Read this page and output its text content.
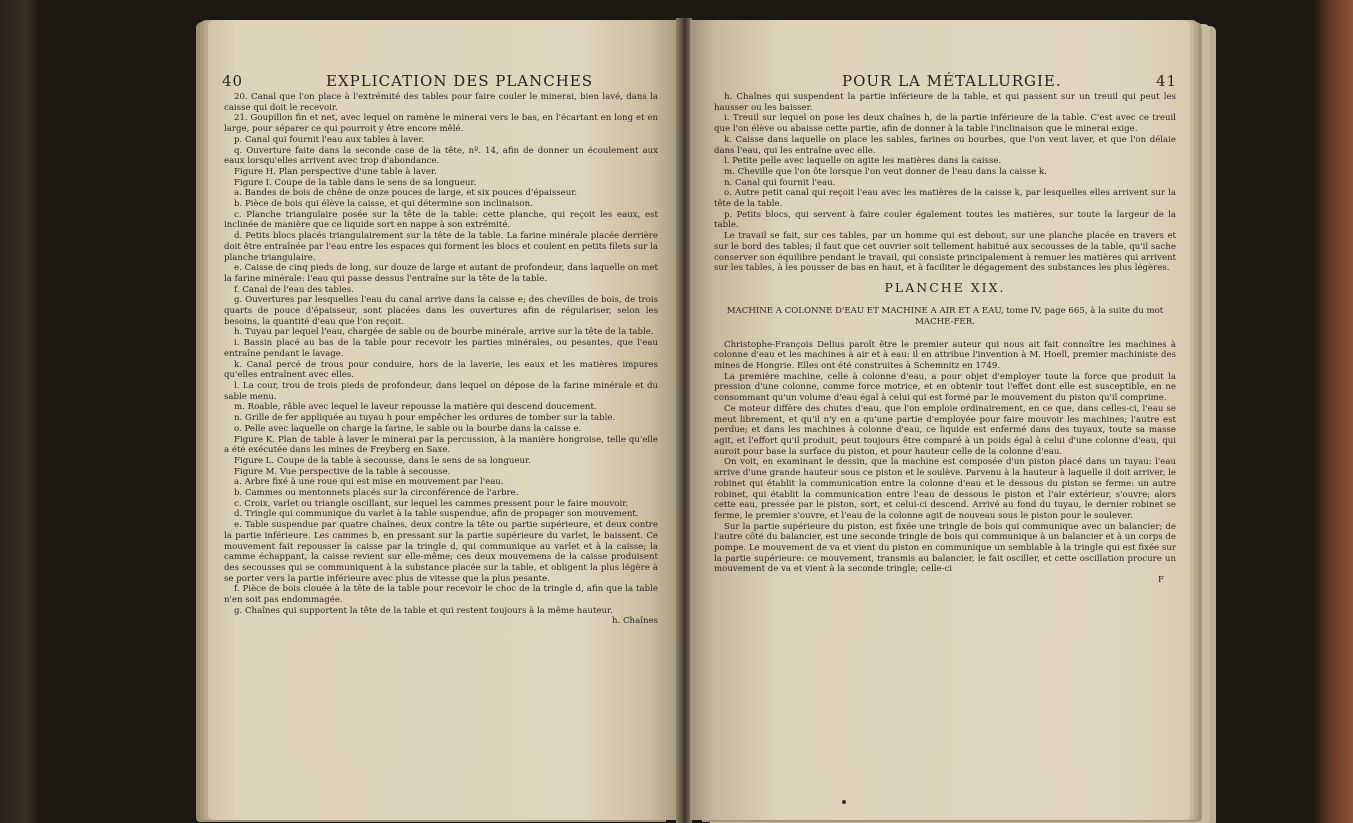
40	EXPLICATION DES PLANCHES

20. Canal que l'on place à l'extrémité des tables pour faire couler le minerai, bien lavé, dans la caisse qui doit le recevoir.

21. Goupillon fin et net, avec lequel on ramène le minerai vers le bas, en l'écartant en long et en large, pour séparer ce qui pourroit y être encore mêlé.

p. Canal qui fournit l'eau aux tables à laver.

q. Ouverture faite dans la seconde case de la tête, nº. 14, afin de donner un écoulement aux eaux lorsqu'elles arrivent avec trop d'abondance.

Figure H. Plan perspective d'une table à laver.

Figure I. Coupe de la table dans le sens de sa longueur.

a. Bandes de bois de chêne de onze pouces de large, et six pouces d'épaisseur.

b. Pièce de bois qui élève la caisse, et qui détermine son inclinaison.

c. Planche triangulaire posée sur la tête de la table: cette planche, qui reçoit les eaux, est inclinée de manière que ce liquide sort en nappe à son extrémité.

d. Petits blocs placés triangulairement sur la tête de la table. La farine minérale placée derrière doit être entraînée par l'eau entre les espaces qui forment les blocs et coulent en petits filets sur la planche triangulaire.

e. Caisse de cinq pieds de long, sur douze de large et autant de profondeur, dans laquelle on met la farine minérale: l'eau qui passe dessus l'entraîne sur la tête de la table.

f. Canal de l'eau des tables.

g. Ouvertures par lesquelles l'eau du canal arrive dans la caisse e; des chevilles de bois, de trois quarts de pouce d'épaisseur, sont placées dans les ouvertures afin de régulariser, selon les besoins, la quantité d'eau que l'on reçoit.

h. Tuyau par lequel l'eau, chargée de sable ou de bourbe minérale, arrive sur la tête de la table.

i. Bassin placé au bas de la table pour recevoir les parties minérales, ou pesantes, que l'eau entraîne pendant le lavage.

k. Canal percé de trous pour conduire, hors de la laverie, les eaux et les matières impures qu'elles entraînent avec elles.

l. La cour, trou de trois pieds de profondeur, dans lequel on dépose de la farine minérale et du sable menu.

m. Roable, râble avec lequel le laveur repousse la matière qui descend doucement.

n. Grille de fer appliquée au tuyau h pour empêcher les ordures de tomber sur la table.

o. Pelle avec laquelle on charge la farine, le sable ou la bourbe dans la caisse e.

Figure K. Plan de table à laver le minerai par la percussion, à la manière hongroise, telle qu'elle a été exécutée dans les mines de Freyberg en Saxe.

Figure L. Coupe de la table à secousse, dans le sens de sa longueur.

Figure M. Vue perspective de la table à secousse.

a. Arbre fixé à une roue qui est mise en mouvement par l'eau.

b. Cammes ou mentonnets placés sur la circonférence de l'arbre.

c. Croix, varlet ou triangle oscillant, sur lequel les cammes pressent pour le faire mouvoir.

d. Tringle qui communique du varlet à la table suspendue, afin de propager son mouvement.

e. Table suspendue par quatre chaînes, deux contre la tête ou partie supérieure, et deux contre la partie inférieure. Les cammes b, en pressant sur la partie supérieure du varlet, le baissent. Ce mouvement fait repousser la caisse par la tringle d, qui communique au varlet et à la caisse; la camme échappant, la caisse revient sur elle-même; ces deux mouvemens de la caisse produisent des secousses qui se communiquent à la substance placée sur la table, et obligent la plus légère à se porter vers la partie inférieure avec plus de vitesse que la plus pesante.

f. Pièce de bois clouée à la tête de la table pour recevoir le choc de la tringle d, afin que la table n'en soit pas endommagée.

g. Chaînes qui supportent la tête de la table et qui restent toujours à la même hauteur.

h. Chaînes

POUR LA MÉTALLURGIE.	41

h. Chaînes qui suspendent la partie inférieure de la table, et qui passent sur un treuil qui peut les hausser ou les baisser.

i. Treuil sur lequel on pose les deux chaînes h, de la partie inférieure de la table. C'est avec ce treuil que l'on élève ou abaisse cette partie, afin de donner à la table l'inclinaison que le minerai exige.

k. Caisse dans laquelle on place les sables, farines ou bourbes, que l'on veut laver, et que l'on délaie dans l'eau, qui les entraîne avec elle.

l. Petite pelle avec laquelle on agite les matières dans la caisse.

m. Cheville que l'on ôte lorsque l'on veut donner de l'eau dans la caisse k.

n. Canal qui fournit l'eau.

o. Autre petit canal qui reçoit l'eau avec les matières de la caisse k, par lesquelles elles arrivent sur la tête de la table.

p. Petits blocs, qui servent à faire couler également toutes les matières, sur toute la largeur de la table.

Le travail se fait, sur ces tables, par un homme qui est debout, sur une planche placée en travers et sur le bord des tables; il faut que cet ouvrier soit tellement habitué aux secousses de la table, qu'il sache conserver son équilibre pendant le travail, qui consiste principalement à remuer les matières qui arrivent sur les tables, à les pousser de bas en haut, et à faciliter le dégagement des substances les plus légères.

PLANCHE XIX.
MACHINE A COLONNE D'EAU ET MACHINE A AIR ET A EAU, tome IV, page 665, à la suite du mot MACHE-FER.

Christophe-François Delius paroît être le premier auteur qui nous ait fait connoître les machines à colonne d'eau et les machines à air et à eau: il en attribue l'invention à M. Hoell, premier machiniste des mines de Hongrie. Elles ont été construites à Schemnitz en 1749.

La première machine, celle à colonne d'eau, a pour objet d'employer toute la force que produit la pression d'une colonne, comme force motrice, et en obtenir tout l'effet dont elle est susceptible, en ne consommant qu'un volume d'eau égal à celui qui est formé par le mouvement du piston qu'il comprime.

Ce moteur diffère des chutes d'eau, que l'on emploie ordinairement, en ce que, dans celles-ci, l'eau se meut librement, et qu'il n'y en a qu'une partie d'employée pour faire mouvoir les machines; l'autre est perdue; et dans les machines à colonne d'eau, ce liquide est enfermé dans des tuyaux, toute sa masse agit, et l'effort qu'il produit, peut toujours être comparé à un poids égal à celui d'une colonne d'eau, qui auroit pour base la surface du piston, et pour hauteur celle de la colonne d'eau.

On voit, en examinant le dessin, que la machine est composée d'un piston placé dans un tuyau: l'eau arrive d'une grande hauteur sous ce piston et le soulève. Parvenu à la hauteur à laquelle il doit arriver, le robinet qui établit la communication entre la colonne d'eau et le dessous du piston se ferme: un autre robinet, qui établit la communication entre l'eau de dessous le piston et l'air extérieur, s'ouvre; alors cette eau, pressée par le piston, sort, et celui-ci descend. Arrivé au fond du tuyau, le dernier robinet se ferme, le premier s'ouvre, et l'eau de la colonne agit de nouveau sous le piston pour le soulever.

Sur la partie supérieure du piston, est fixée une tringle de bois qui communique avec un balancier; de l'autre côté du balancier, est une seconde tringle de bois qui communique à un balancier et à un corps de pompe. Le mouvement de va et vient du piston en communique un semblable à la tringle qui est fixée sur la partie supérieure: ce mouvement, transmis au balancier, le fait osciller, et cette oscillation procure un mouvement de va et vient à la seconde tringle; celle-ci

F
